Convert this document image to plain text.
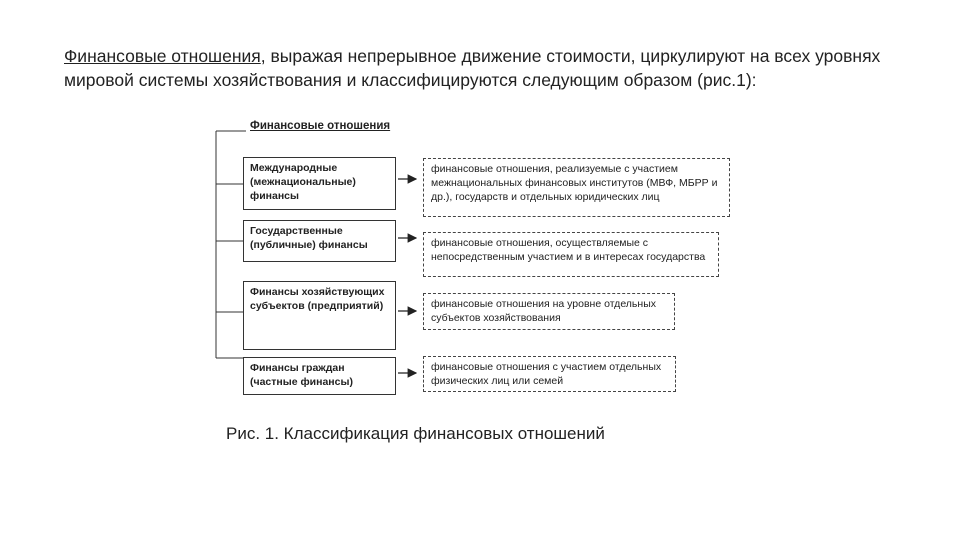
Финансовые отношения, выражая непрерывное движение стоимости, циркулируют на всех уровнях мировой системы хозяйствования и классифицируются следующим образом (рис.1):
Финансовые отношения
Международные (межнациональные) финансы
финансовые отношения, реализуемые с участием межнациональных финансовых институтов (МВФ, МБРР и др.), государств и отдельных юридических лиц
Государственные (публичные) финансы	финансовые отношения, осуществляемые с непосредственным участием и в интересах государства
Финансы хозяйствующих субъектов (предприятий)	финансовые отношения на уровне отдельных субъектов хозяйствования
Финансы граждан (частные финансы)
финансовые отношения с участием отдельных физических лиц или семей
Рис. 1. Классификация финансовых отношений
